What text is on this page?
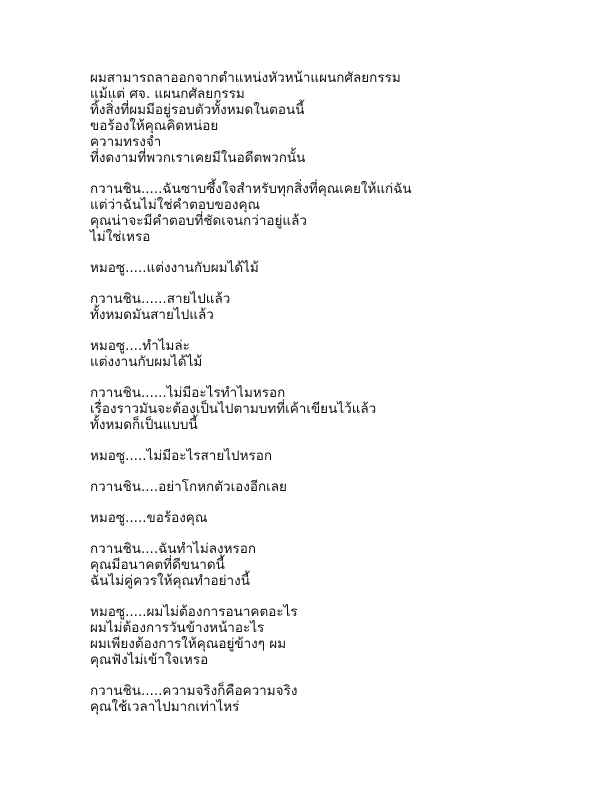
ผมสามารถลาออกจากตำแหน่งหัวหน้าแผนกศัลยกรรม
แม้แต่ ศจ. แผนกศัลยกรรม
ทิ้งสิ่งที่ผมมีอยู่รอบตัวทั้งหมดในตอนนี้
ขอร้องให้คุณคิดหน่อย
ความทรงจำ
ที่งดงามที่พวกเราเคยมีในอดีตพวกนั้น
กวานชิน.....ฉันซาบซึ้งใจสำหรับทุกสิ่งที่คุณเคยให้แก่ฉัน
แต่ว่าฉันไม่ใช่คำตอบของคุณ
คุณน่าจะมีคำตอบที่ชัดเจนกว่าอยู่แล้ว
ไม่ใช่เหรอ
หมอซู.....แต่งงานกับผมได้ไม้
กวานชิน......สายไปแล้ว
ทั้งหมดมันสายไปแล้ว
หมอซู....ทำไมล่ะ
แต่งงานกับผมได้ไม้
กวานชิน......ไม่มีอะไรทำไมหรอก
เรื่องราวมันจะต้องเป็นไปตามบทที่เค้าเขียนไว้แล้ว
ทั้งหมดก็เป็นแบบนี้
หมอซู.....ไม่มีอะไรสายไปหรอก
กวานชิน....อย่าโกหกตัวเองอีกเลย
หมอซู.....ขอร้องคุณ
กวานชิน....ฉันทำไม่ลงหรอก
คุณมีอนาคตที่ดีขนาดนี้
ฉันไม่คู่ควรให้คุณทำอย่างนี้
หมอซู.....ผมไม่ต้องการอนาคตอะไร
ผมไม่ต้องการวันข้างหน้าอะไร
ผมเพียงต้องการให้คุณอยู่ข้างๆ ผม
คุณฟังไม่เข้าใจเหรอ
กวานชิน.....ความจริงก็คือความจริง
คุณใช้เวลาไปมากเท่าไหร่
